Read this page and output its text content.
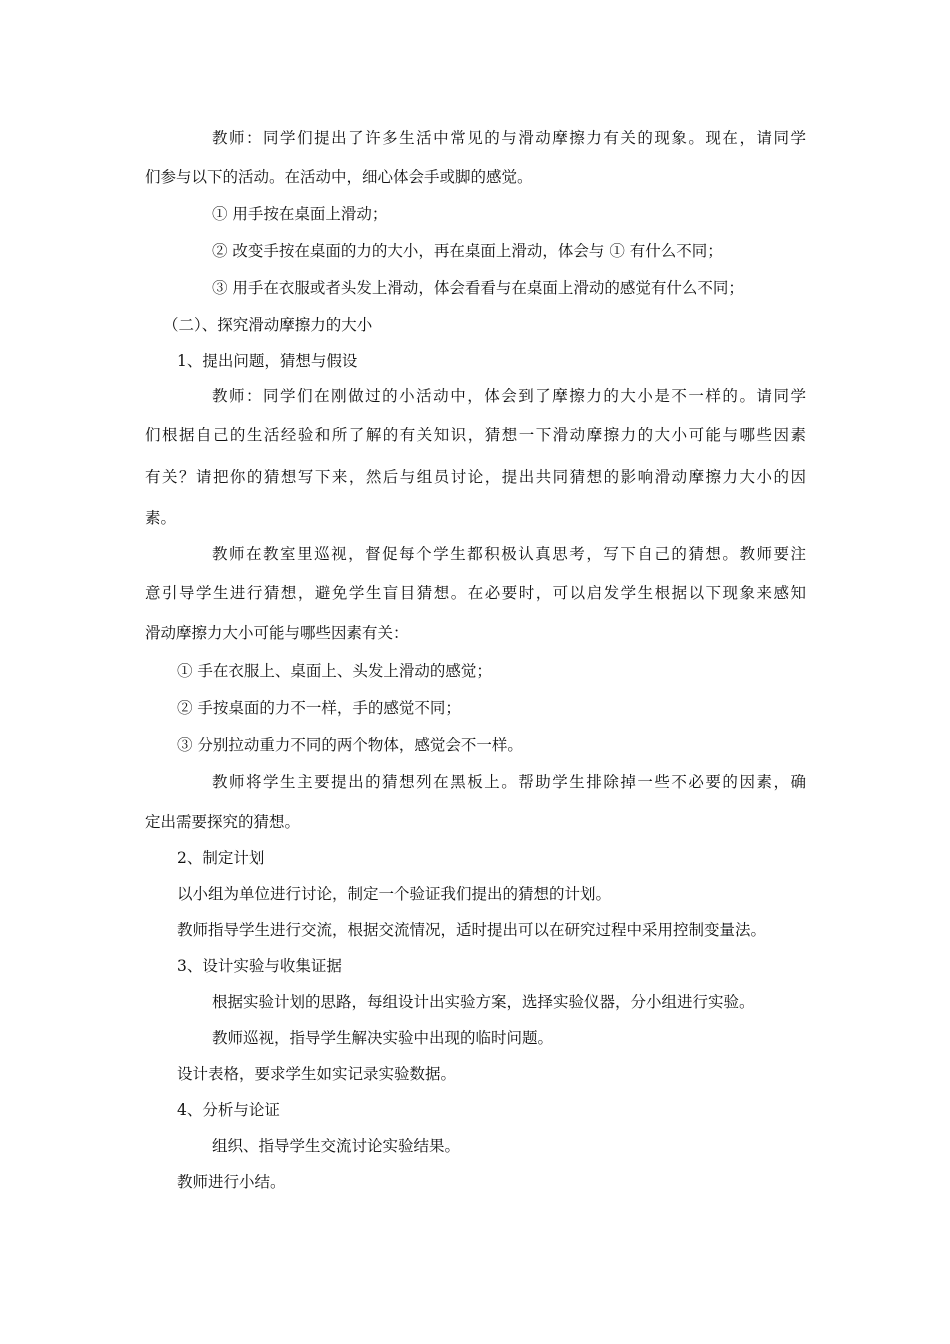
教师：同学们提出了许多生活中常见的与滑动摩擦力有关的现象。现在，请同学
们参与以下的活动。在活动中，细心体会手或脚的感觉。
① 用手按在桌面上滑动；
② 改变手按在桌面的力的大小，再在桌面上滑动，体会与 ① 有什么不同；
③ 用手在衣服或者头发上滑动，体会看看与在桌面上滑动的感觉有什么不同；
（二）、探究滑动摩擦力的大小
1、提出问题，猜想与假设
教师：同学们在刚做过的小活动中，体会到了摩擦力的大小是不一样的。请同学
们根据自己的生活经验和所了解的有关知识，猜想一下滑动摩擦力的大小可能与哪些因素
有关？请把你的猜想写下来，然后与组员讨论，提出共同猜想的影响滑动摩擦力大小的因
素。
教师在教室里巡视，督促每个学生都积极认真思考，写下自己的猜想。教师要注
意引导学生进行猜想，避免学生盲目猜想。在必要时，可以启发学生根据以下现象来感知
滑动摩擦力大小可能与哪些因素有关：
① 手在衣服上、桌面上、头发上滑动的感觉；
② 手按桌面的力不一样，手的感觉不同；
③ 分别拉动重力不同的两个物体，感觉会不一样。
教师将学生主要提出的猜想列在黑板上。帮助学生排除掉一些不必要的因素，确
定出需要探究的猜想。
2、制定计划
以小组为单位进行讨论，制定一个验证我们提出的猜想的计划。
教师指导学生进行交流，根据交流情况，适时提出可以在研究过程中采用控制变量法。
3、设计实验与收集证据
根据实验计划的思路，每组设计出实验方案，选择实验仪器，分小组进行实验。
教师巡视，指导学生解决实验中出现的临时问题。
设计表格，要求学生如实记录实验数据。
4、分析与论证
组织、指导学生交流讨论实验结果。
教师进行小结。
